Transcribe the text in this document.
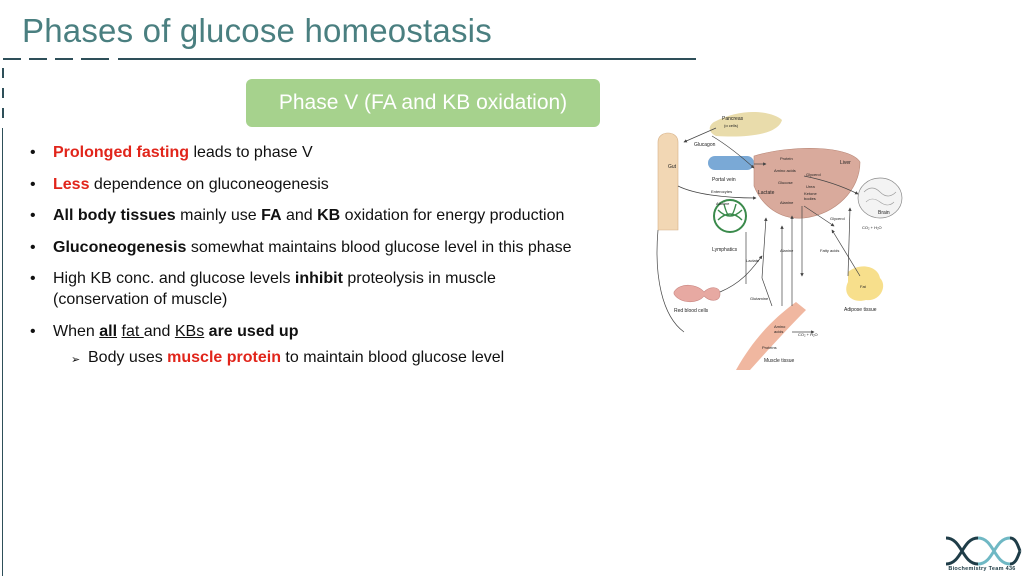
Phases of glucose homeostasis
Phase V (FA and KB oxidation)
• Prolonged fasting leads to phase V
• Less dependence on gluconeogenesis
• All body tissues mainly use FA and KB oxidation for energy production
• Gluconeogenesis somewhat maintains blood glucose level in this phase
• High KB conc. and glucose levels inhibit proteolysis in muscle (conservation of muscle)
• When all fat and KBs are used up
➢ Body uses muscle protein to maintain blood glucose level
Pancreas
(α cells)
Glucagon
Gut
Portal vein
Enterocytes	Lactate
Alanine
Protein
Amino acids
Glycerol
Glucose
Urea
Ketone
bodies
Alanine
Liver
Brain
Glycerol
CO₂ + H₂O
Lymphatics	Alanine	Fatty acids
Lactate
Fat
Glutamine
Red blood cells	Adipose tissue
Amino
acids
CO₂ + H₂O
Proteins
Muscle tissue
Biochemistry Team 436
